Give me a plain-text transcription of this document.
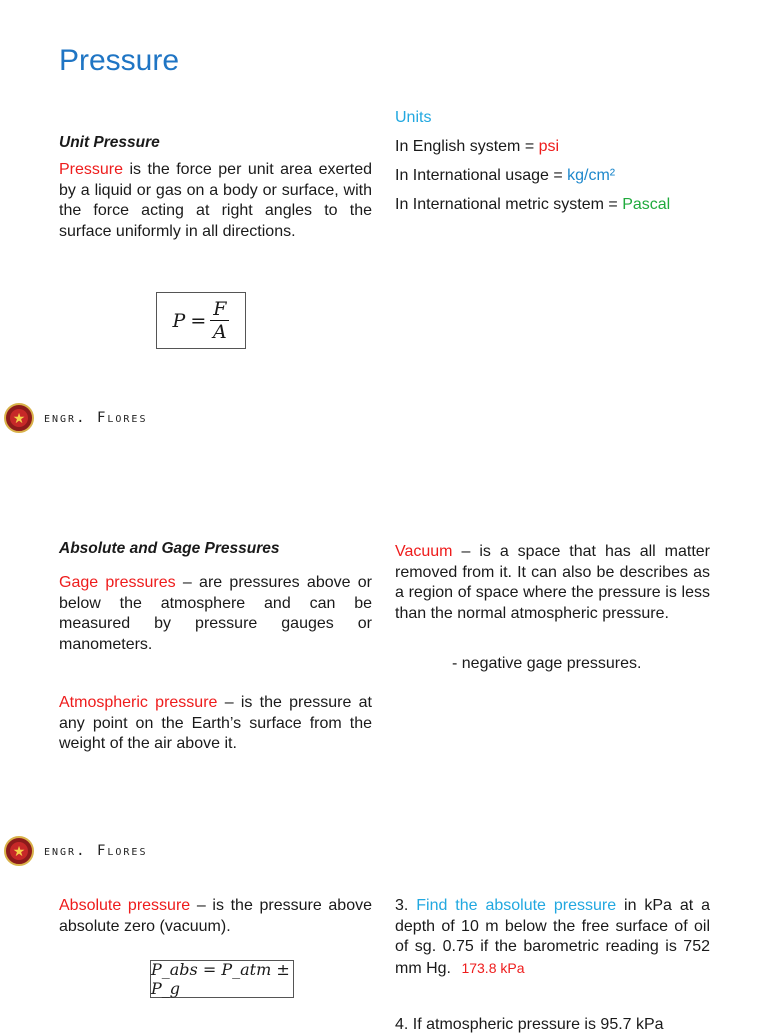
Pressure
Unit Pressure
Pressure is the force per unit area exerted by a liquid or gas on a body or surface, with the force acting at right angles to the surface uniformly in all directions.
$P = \frac{F}{A}$
Units
In English system = psi
In International usage = kg/cm²
In International metric system = Pascal
★ engr. Flores
Absolute and Gage Pressures
Gage pressures – are pressures above or below the atmosphere and can be measured by pressure gauges or manometers.
Atmospheric pressure – is the pressure at any point on the Earth’s surface from the weight of the air above it.
Vacuum – is a space that has all matter removed from it. It can also be describes as a region of space where the pressure is less than the normal atmospheric pressure.
- negative gage pressures.
★ engr. Flores
Absolute pressure – is the pressure above absolute zero (vacuum).
P_abs = P_atm ± P_g
3. Find the absolute pressure in kPa at a depth of 10 m below the free surface of oil of sg. 0.75 if the barometric reading is 752 mm Hg. 173.8 kPa
4. If atmospheric pressure is 95.7 kPa
